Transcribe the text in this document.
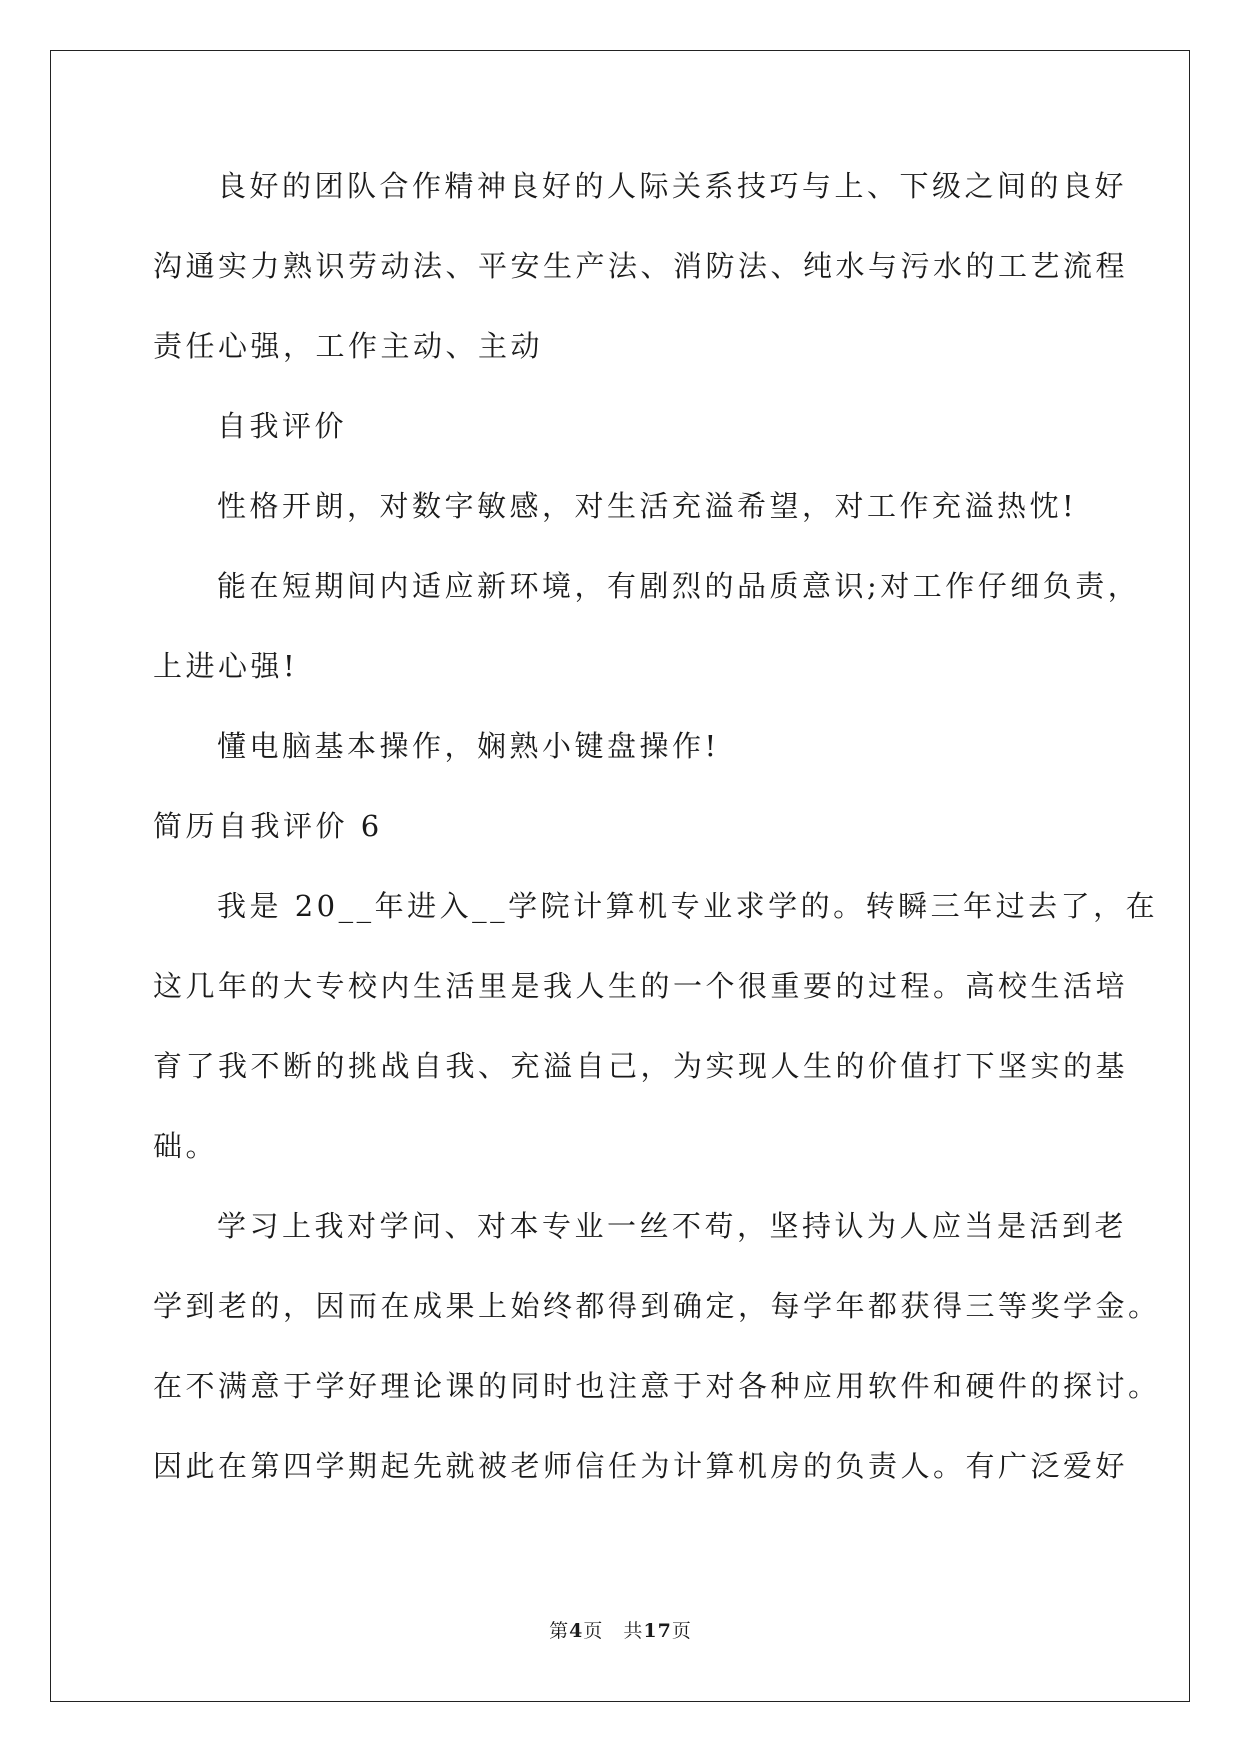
良好的团队合作精神良好的人际关系技巧与上、下级之间的良好
沟通实力熟识劳动法、平安生产法、消防法、纯水与污水的工艺流程
责任心强，工作主动、主动
自我评价
性格开朗，对数字敏感，对生活充溢希望，对工作充溢热忱!
能在短期间内适应新环境，有剧烈的品质意识;对工作仔细负责，
上进心强!
懂电脑基本操作，娴熟小键盘操作!
简历自我评价 6
我是 20__年进入__学院计算机专业求学的。转瞬三年过去了，在
这几年的大专校内生活里是我人生的一个很重要的过程。高校生活培
育了我不断的挑战自我、充溢自己，为实现人生的价值打下坚实的基
础。
学习上我对学问、对本专业一丝不苟，坚持认为人应当是活到老
学到老的，因而在成果上始终都得到确定，每学年都获得三等奖学金。
在不满意于学好理论课的同时也注意于对各种应用软件和硬件的探讨。
因此在第四学期起先就被老师信任为计算机房的负责人。有广泛爱好
第4页　共17页
